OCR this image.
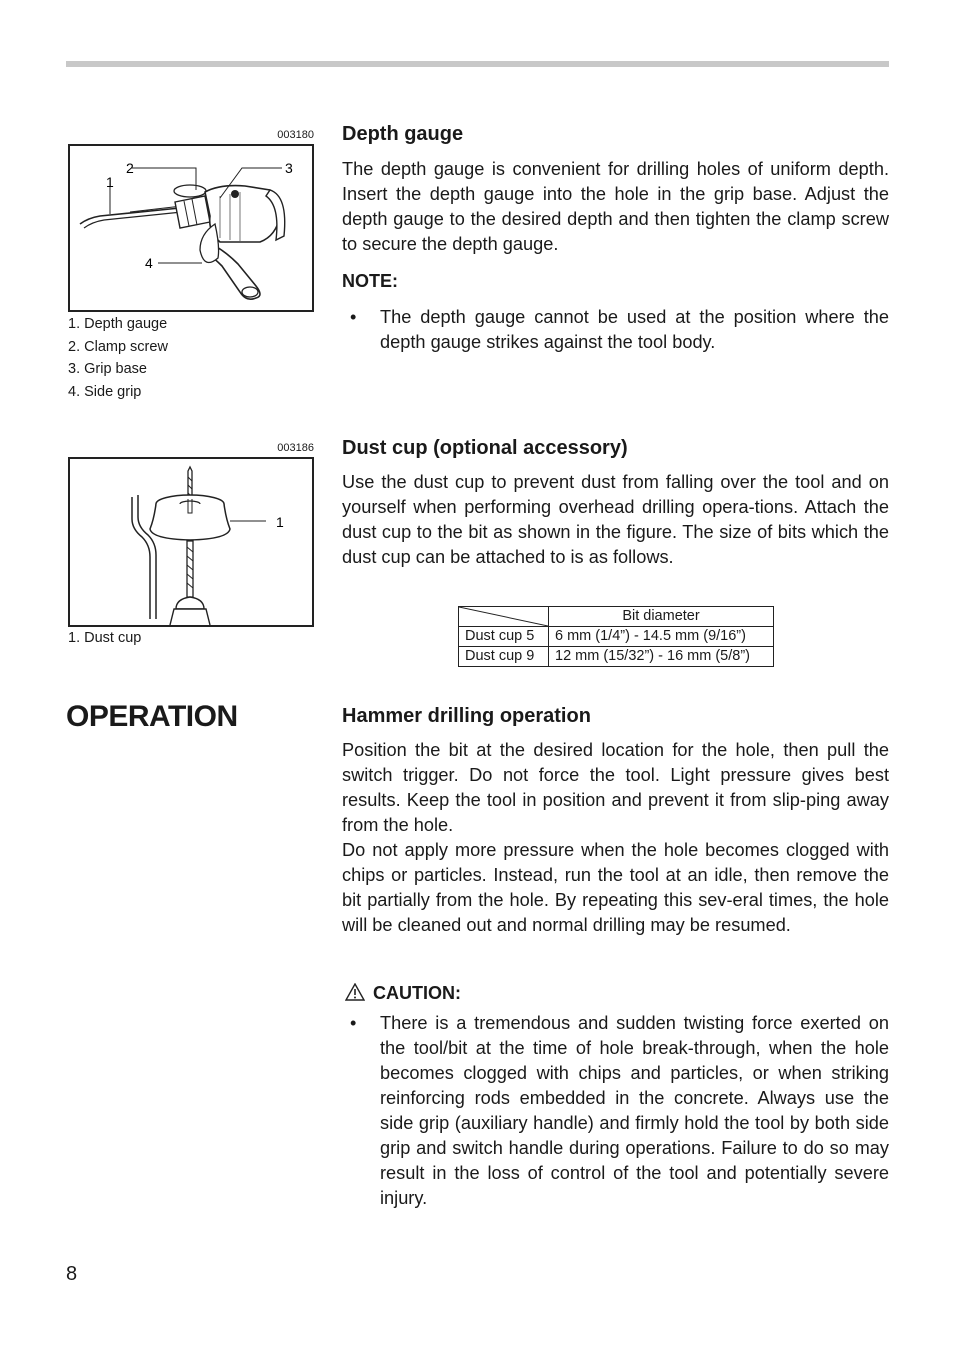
003180
1
2	3
4
1. Depth gauge
2. Clamp screw
3. Grip base
4. Side grip
Depth gauge

The depth gauge is convenient for drilling holes of uniform depth. Insert the depth gauge into the hole in the grip base. Adjust the depth gauge to the desired depth and then tighten the clamp screw to secure the depth gauge.

NOTE:
• The depth gauge cannot be used at the position where the depth gauge strikes against the tool body.
003186
1
1. Dust cup
Dust cup (optional accessory)

Use the dust cup to prevent dust from falling over the tool and on yourself when performing overhead drilling opera-tions. Attach the dust cup to the bit as shown in the figure. The size of bits which the dust cup can be attached to is as follows.

	Bit diameter
Dust cup 5	6 mm (1/4”) - 14.5 mm (9/16”)
Dust cup 9	12 mm (15/32”) - 16 mm (5/8”)
OPERATION	Hammer drilling operation

Position the bit at the desired location for the hole, then pull the switch trigger. Do not force the tool. Light pressure gives best results. Keep the tool in position and prevent it from slip-ping away from the hole.

Do not apply more pressure when the hole becomes clogged with chips or particles. Instead, run the tool at an idle, then remove the bit partially from the hole. By repeating this sev-eral times, the hole will be cleaned out and normal drilling may be resumed.

CAUTION:
• There is a tremendous and sudden twisting force exerted on the tool/bit at the time of hole break-through, when the hole becomes clogged with chips and particles, or when striking reinforcing rods embedded in the concrete. Always use the side grip (auxiliary handle) and firmly hold the tool by both side grip and switch handle during operations. Failure to do so may result in the loss of control of the tool and potentially severe injury.
8
